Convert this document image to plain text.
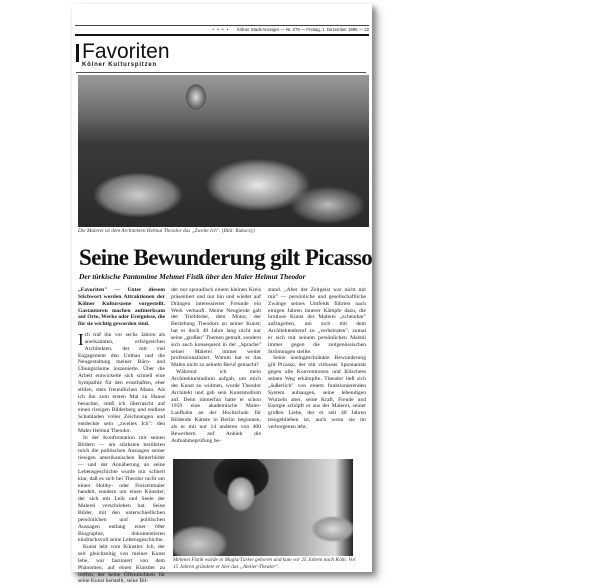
• • • • Kölner Stadt-Anzeiger — Nr. 279 — Freitag, 1. Dezember 1995 — 22
Favoriten
Kölner Kulturspitzen
Die Malerei ist dem Architekten Helmut Theodor das „Zweite Ich". (Bild: Rakoczy)
Seine Bewunderung gilt Picasso
Der türkische Pantomime Mehmet Fistik über den Maler Helmut Theodor

„Favoriten" — Unter diesem Stichwort werden Attraktionen der Kölner Kulturszene vorgestellt. Gastautoren machen aufmerksam auf Orte, Werke oder Ereignisse, die für sie wichtig geworden sind.

Ich traf ihn vor sechs Jahren als anerkannten, erfolgreichen Architekten, der mit viel Engagement den Umbau und die Neugestaltung meiner Büro- und Übungsräume inszenierte. Über die Arbeit entwickelte sich schnell eine Sympathie für den ernsthaften, eher stillen, stets freundlichen Mann. Als ich ihn zum ersten Mal zu Hause besuchte, stieß ich überrascht auf einen riesigen Bilderberg und endlose Schubladen voller Zeichnungen und entdeckte sein „zweites Ich": den Maler Helmut Theodor.

In der Konfrontation mit seinen Bildern — am stärksten berührten mich die politischen Aussagen seiner riesigen amerikanischen Reiterbilder — und der Annäherung an seine Lebensgeschichte wurde mir schnell klar, daß es sich bei Theodor nicht um einen Hobby- oder Freizeitmaler handelt, sondern um einen Künstler, der sich mit Leib und Seele der Malerei verschrieben hat. Seine Bilder, mit den unterschiedlichen persönlichen und politischen Aussagen entlang einer 68er Biographie, dokumentieren eindrucksvoll seine Lebensgeschichte.

Kunst lebt vom Künstler. Ich, der seit gleichzeitig von meiner Kunst lebe, war fasziniert von dem Phänomen, auf einen Künstler zu treffen, der keine Öffentlichkeit für seine Kunst herstellt, seine Bil-

der nur sporadisch einem kleinen Kreis präsentiert und nur hin und wieder auf Drängen interessierter Freunde ein Werk verkauft. Meine Neugierde galt der Triebfeder, dem Motor, der Beziehung Theodors zu seiner Kunst; hat er doch 40 Jahre lang nicht nur seine „großen" Themen gemalt, sondern sich auch konsequent in der „Sprache" seiner Malerei immer weiter professionalisiert. Warum hat er das Malen nicht zu seinem Beruf gemacht?

Während ich mein Architekturstudium aufgab, um mich der Kunst zu widmen, wurde Theodor Architekt und gab sein Kunststudium auf. Denn immerhin hatte er schon 1959 eine akademische Maler-Laufbahn an der Hochschule für Bildende Künste in Berlin begonnen, als er mit nur 14 anderen von 400 Bewerbern auf Anhieb die Aufnahmeprüfung be-

stand. „Aber der Zeitgeist war nicht mit mir" — persönliche und gesellschaftliche Zwänge seines Umfelds führten nach einigen Jahren innerer Kämpfe dazu, die brotlose Kunst der Malerei „scheinbar" aufzugeben, um sich mit dem Architektenberuf zu „verheiraten", zumal er sich mit seinem persönlichen Malstil immer gegen die zeitgenössischen Strömungen stellte.

Seine uneingeschränkte Bewunderung gilt Picasso, der mit virtuoser Spontanität gegen alle Konventionen und Klischees seinen Weg erkämpfte. Theodor ließ sich „äußerlich" von einem funktionierenden System aufsaugen, seine lebendigen Wurzeln aber, seine Kraft, Freude und Energie schöpft er aus der Malerei, seiner großen Liebe, der er seit 40 Jahren treugeblieben ist, auch wenn sie im verborgenen lebt.

Mehmet Fistik wurde in Mugla/Türkei geboren und kam vor 25 Jahren nach Köln. Vor 15 Jahren gründete er hier das „Atelier-Theater".
